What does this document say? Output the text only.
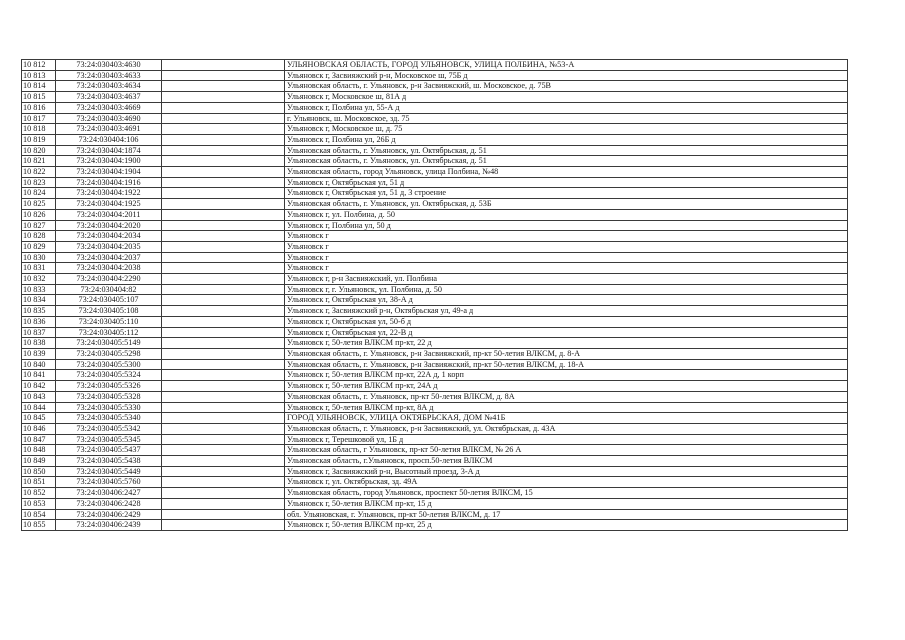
10 812	73:24:030403:4630		УЛЬЯНОВСКАЯ ОБЛАСТЬ, ГОРОД УЛЬЯНОВСК, УЛИЦА ПОЛБИНА, №53-А
10 813	73:24:030403:4633		Ульяновск г, Засвияжский р-н, Московское ш, 75Б д
10 814	73:24:030403:4634		Ульяновская область, г. Ульяновск, р-н Засвияжский, ш. Московское, д. 75В
10 815	73:24:030403:4637		Ульяновск г, Московское ш, 81А д
10 816	73:24:030403:4669		Ульяновск г, Полбина ул, 55-А д
10 817	73:24:030403:4690		г. Ульяновск, ш. Московское, зд. 75
10 818	73:24:030403:4691		Ульяновск г, Московское ш, д. 75
10 819	73:24:030404:106		Ульяновск г, Полбина ул, 26Б д
10 820	73:24:030404:1874		Ульяновская область, г. Ульяновск, ул. Октябрьская, д. 51
10 821	73:24:030404:1900		Ульяновская область, г. Ульяновск, ул. Октябрьская, д. 51
10 822	73:24:030404:1904		Ульяновская область, город Ульяновск, улица Полбина, №48
10 823	73:24:030404:1916		Ульяновск г, Октябрьская ул, 51 д
10 824	73:24:030404:1922		Ульяновск г, Октябрьская ул, 51 д, 3 строение
10 825	73:24:030404:1925		Ульяновская область, г. Ульяновск, ул. Октябрьская, д. 53Б
10 826	73:24:030404:2011		Ульяновск г, ул. Полбина, д. 50
10 827	73:24:030404:2020		Ульяновск г, Полбина ул, 50 д
10 828	73:24:030404:2034		Ульяновск г
10 829	73:24:030404:2035		Ульяновск г
10 830	73:24:030404:2037		Ульяновск г
10 831	73:24:030404:2038		Ульяновск г
10 832	73:24:030404:2290		Ульяновск г, р-н Засвияжский, ул. Полбина
10 833	73:24:030404:82		Ульяновск г, г. Ульяновск, ул. Полбина, д. 50
10 834	73:24:030405:107		Ульяновск г, Октябрьская ул, 38-А д
10 835	73:24:030405:108		Ульяновск г, Засвияжский р-н, Октябрьская ул, 49-а д
10 836	73:24:030405:110		Ульяновск г, Октябрьская ул, 50-б д
10 837	73:24:030405:112		Ульяновск г, Октябрьская ул, 22-В д
10 838	73:24:030405:5149		Ульяновск г, 50-летия ВЛКСМ пр-кт, 22 д
10 839	73:24:030405:5298		Ульяновская область, г. Ульяновск, р-н Засвияжский, пр-кт 50-летия ВЛКСМ, д. 8-А
10 840	73:24:030405:5300		Ульяновская область, г. Ульяновск, р-н Засвияжский, пр-кт 50-летия ВЛКСМ, д. 18-А
10 841	73:24:030405:5324		Ульяновск г, 50-летия ВЛКСМ пр-кт, 22А д, 1 корп
10 842	73:24:030405:5326		Ульяновск г, 50-летия ВЛКСМ пр-кт, 24А д
10 843	73:24:030405:5328		Ульяновская область, г. Ульяновск, пр-кт 50-летия ВЛКСМ, д. 8А
10 844	73:24:030405:5330		Ульяновск г, 50-летия ВЛКСМ пр-кт, 8А д
10 845	73:24:030405:5340		ГОРОД УЛЬЯНОВСК, УЛИЦА ОКТЯБРЬСКАЯ, ДОМ №41Б
10 846	73:24:030405:5342		Ульяновская область, г. Ульяновск, р-н Засвияжский, ул. Октябрьская, д. 43А
10 847	73:24:030405:5345		Ульяновск г, Терешковой ул, 1Б д
10 848	73:24:030405:5437		Ульяновская область, г Ульяновск, пр-кт 50-летия ВЛКСМ, № 26 А
10 849	73:24:030405:5438		Ульяновская область, г.Ульяновск, просп.50-летия ВЛКСМ
10 850	73:24:030405:5449		Ульяновск г, Засвияжский р-н, Высотный проезд, 3-А д
10 851	73:24:030405:5760		Ульяновск г, ул. Октябрьская, зд. 49А
10 852	73:24:030406:2427		Ульяновская область, город Ульяновск, проспект 50-летия ВЛКСМ, 15
10 853	73:24:030406:2428		Ульяновск г, 50-летия ВЛКСМ пр-кт, 15 д
10 854	73:24:030406:2429		обл. Ульяновская, г. Ульяновск, пр-кт 50-летия ВЛКСМ, д. 17
10 855	73:24:030406:2439		Ульяновск г, 50-летия ВЛКСМ пр-кт, 25 д
